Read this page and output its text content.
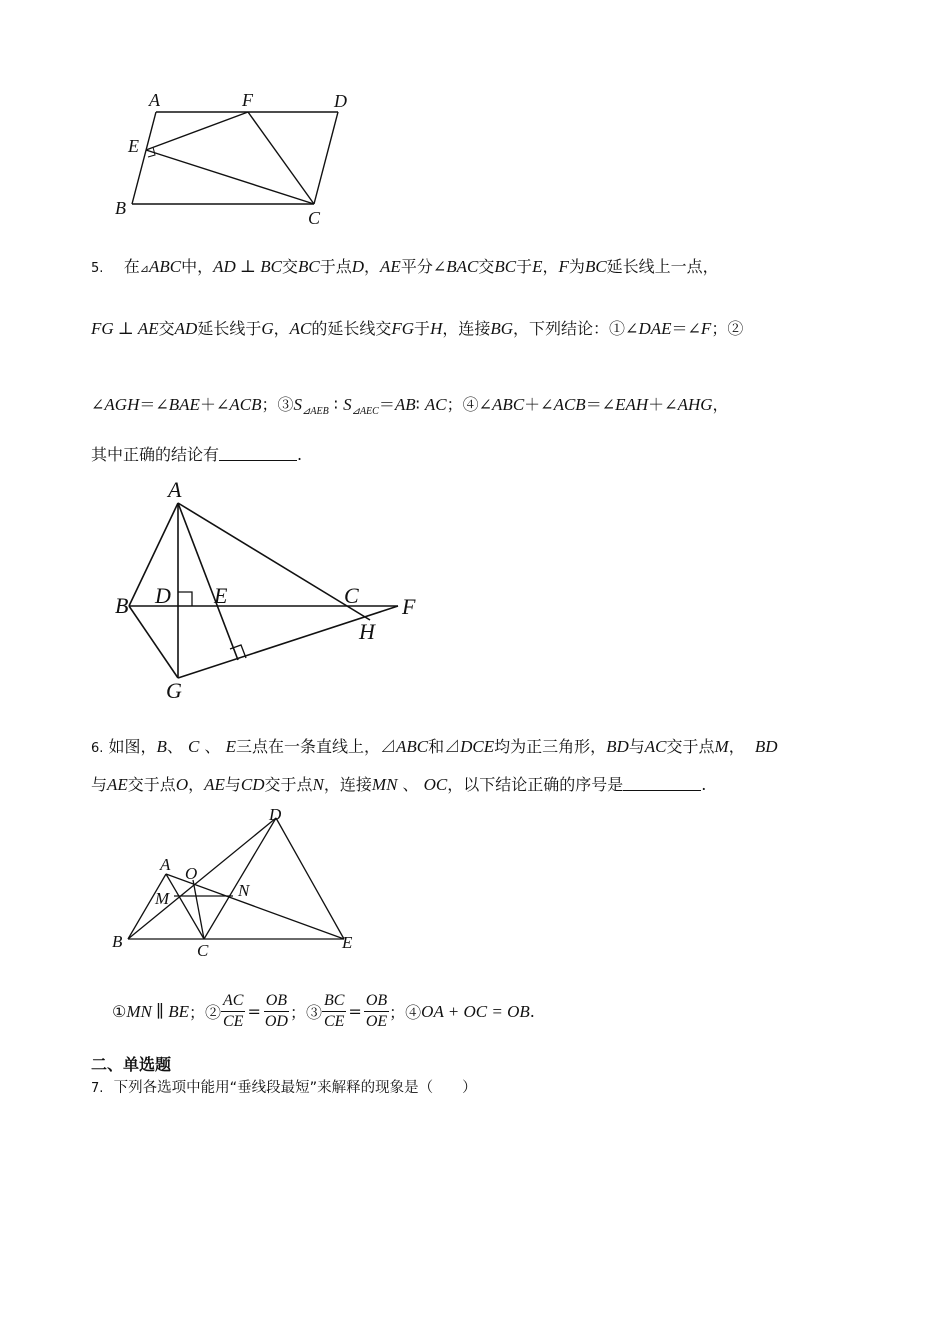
A	F	D
E
B	C
5. 在⊿ABC中，AD ⊥ BC交BC于点D，AE平分∠BAC交BC于E，F为BC延长线上一点，
FG ⊥ AE交AD延长线于G，AC的延长线交FG于H，连接BG，下列结论：①∠DAE＝∠F；②
∠AGH＝∠BAE＋∠ACB；$③S_{⊿AEB}$ ∶ $S_{⊿AEC}=AB∶$ AC；④∠ABC＋∠ACB＝∠EAH＋∠AHG，
其中正确的结论有	.
A
B D E	C F
H
G
6. 如图，B、 C 、 E三点在一条直线上，⊿ABC和⊿DCE均为正三角形，BD与AC交于点M， BD
与AE交于点O，AE与CD交于点N，连接MN 、 OC，以下结论正确的序号是	.
A O
M	N
D
B	C	E
① MN ∥ BE ；② $\frac{AC}{CE} = \frac{OB}{OD}$ ；③ $\frac{BC}{CE} = \frac{OB}{OE}$ ；④ OA + OC = OB .
二、单选题
7. 下列各选项中能用“垂线段最短”来解释的现象是（　　）
